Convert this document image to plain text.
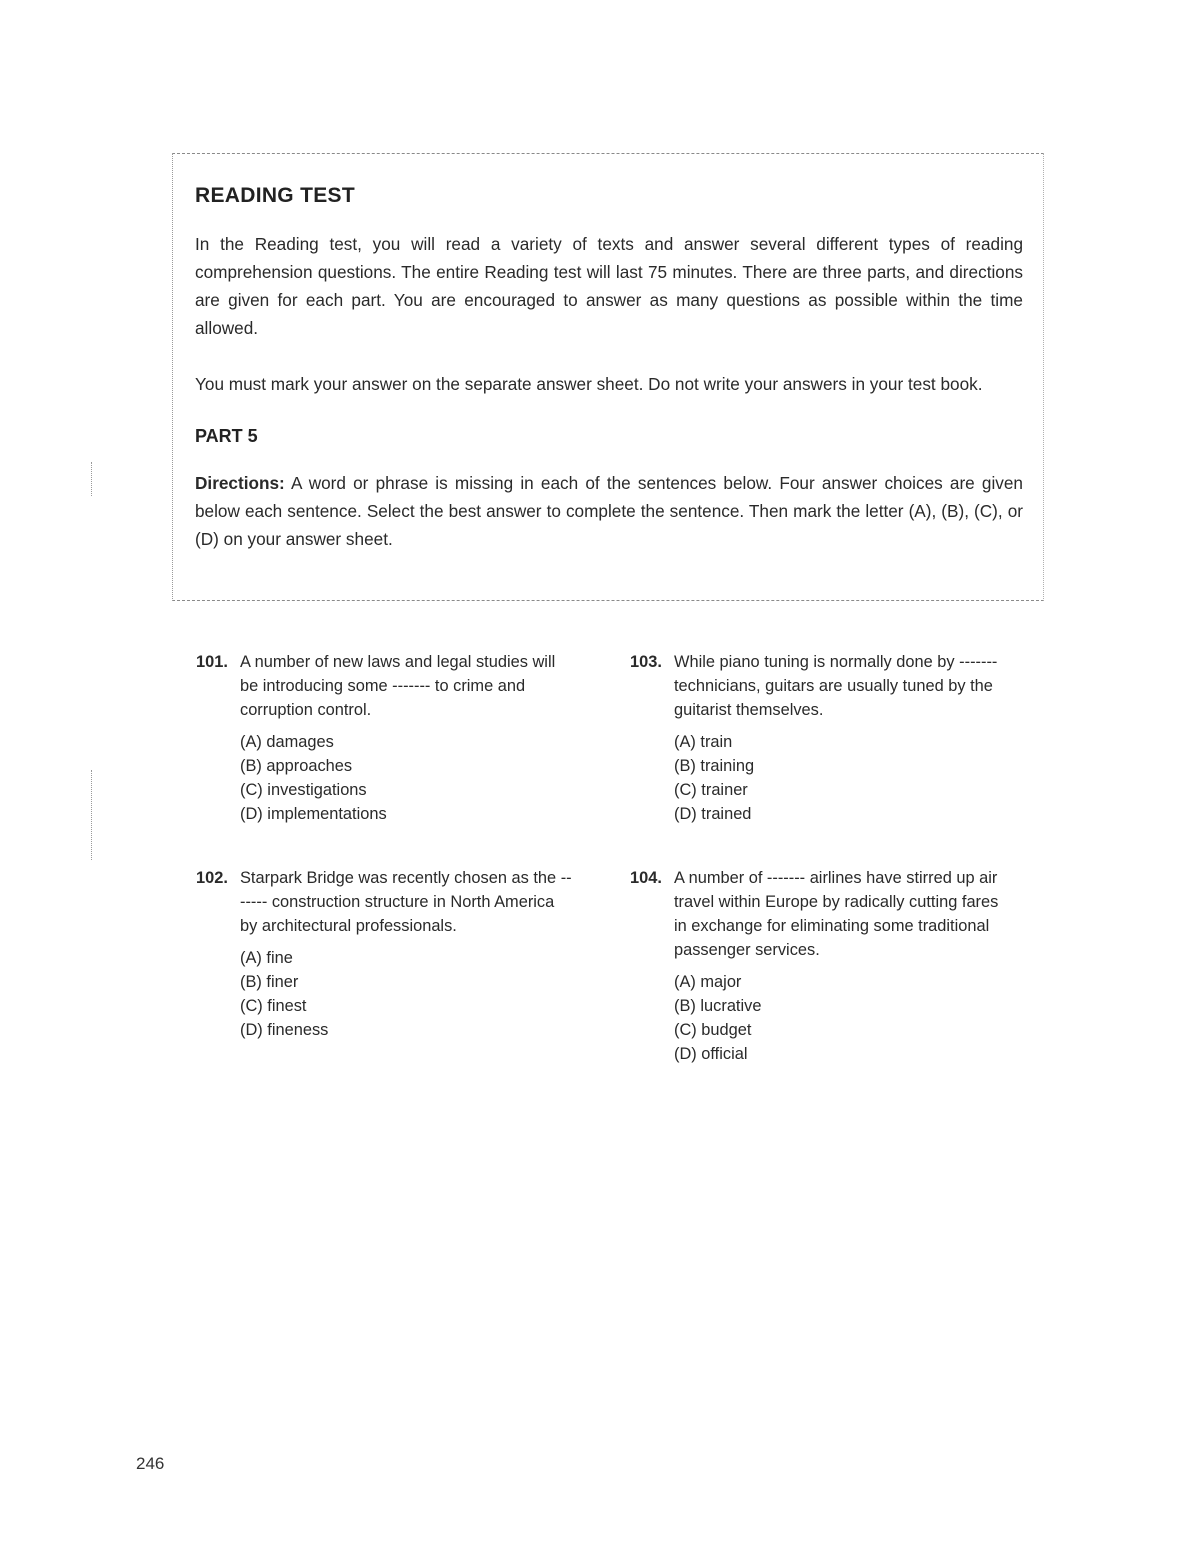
READING TEST

In the Reading test, you will read a variety of texts and answer several different types of reading comprehension questions. The entire Reading test will last 75 minutes. There are three parts, and directions are given for each part. You are encouraged to answer as many questions as possible within the time allowed.

You must mark your answer on the separate answer sheet. Do not write your answers in your test book.

PART 5

Directions: A word or phrase is missing in each of the sentences below. Four answer choices are given below each sentence. Select the best answer to complete the sentence. Then mark the letter (A), (B), (C), or (D) on your answer sheet.

101. A number of new laws and legal studies will be introducing some ------- to crime and corruption control.
(A) damages
(B) approaches
(C) investigations
(D) implementations
102. Starpark Bridge was recently chosen as the ------- construction structure in North America by architectural professionals.
(A) fine
(B) finer
(C) finest
(D) fineness
103. While piano tuning is normally done by ------- technicians, guitars are usually tuned by the guitarist themselves.
(A) train
(B) training
(C) trainer
(D) trained
104. A number of ------- airlines have stirred up air travel within Europe by radically cutting fares in exchange for eliminating some traditional passenger services.
(A) major
(B) lucrative
(C) budget
(D) official
246
